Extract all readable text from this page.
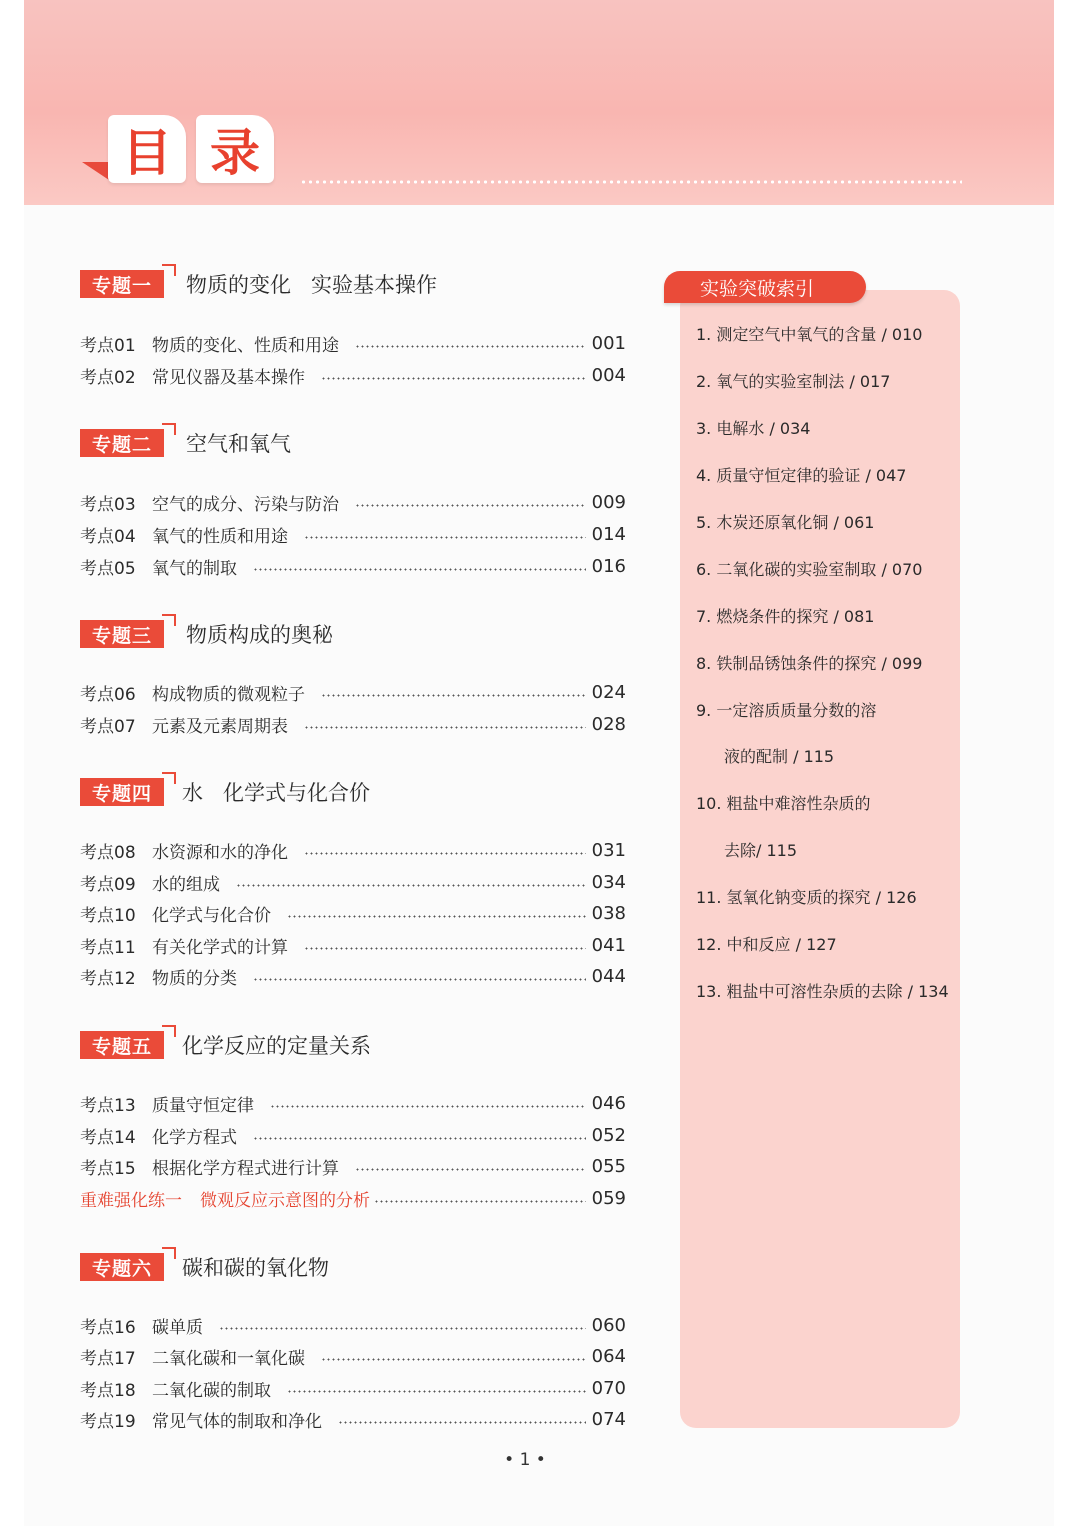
目 录
专题一	物质的变化   实验基本操作
考点01 物质的变化、性质和用途	001
考点02 常见仪器及基本操作	004
专题二	空气和氧气
考点03 空气的成分、污染与防治	009
考点04 氧气的性质和用途	014
考点05 氧气的制取	016
专题三	物质构成的奥秘
考点06 构成物质的微观粒子	024
考点07 元素及元素周期表	028
专题四	水   化学式与化合价
考点08 水资源和水的净化	031
考点09 水的组成	034
考点10 化学式与化合价	038
考点11 有关化学式的计算	041
考点12 物质的分类	044
专题五	化学反应的定量关系
考点13 质量守恒定律	046
考点14 化学方程式	052
考点15 根据化学方程式进行计算	055
重难强化练一 微观反应示意图的分析	059
专题六	碳和碳的氧化物
考点16 碳单质	060
考点17 二氧化碳和一氧化碳	064
考点18 二氧化碳的制取	070
考点19 常见气体的制取和净化	074
实验突破索引
1. 测定空气中氧气的含量 / 010
2. 氧气的实验室制法 / 017
3. 电解水 / 034
4. 质量守恒定律的验证 / 047
5. 木炭还原氧化铜 / 061
6. 二氧化碳的实验室制取 / 070
7. 燃烧条件的探究 / 081
8. 铁制品锈蚀条件的探究 / 099
9. 一定溶质质量分数的溶
液的配制 / 115
10. 粗盐中难溶性杂质的
去除/ 115
11. 氢氧化钠变质的探究 / 126
12. 中和反应 / 127
13. 粗盐中可溶性杂质的去除 / 134
• 1 •
